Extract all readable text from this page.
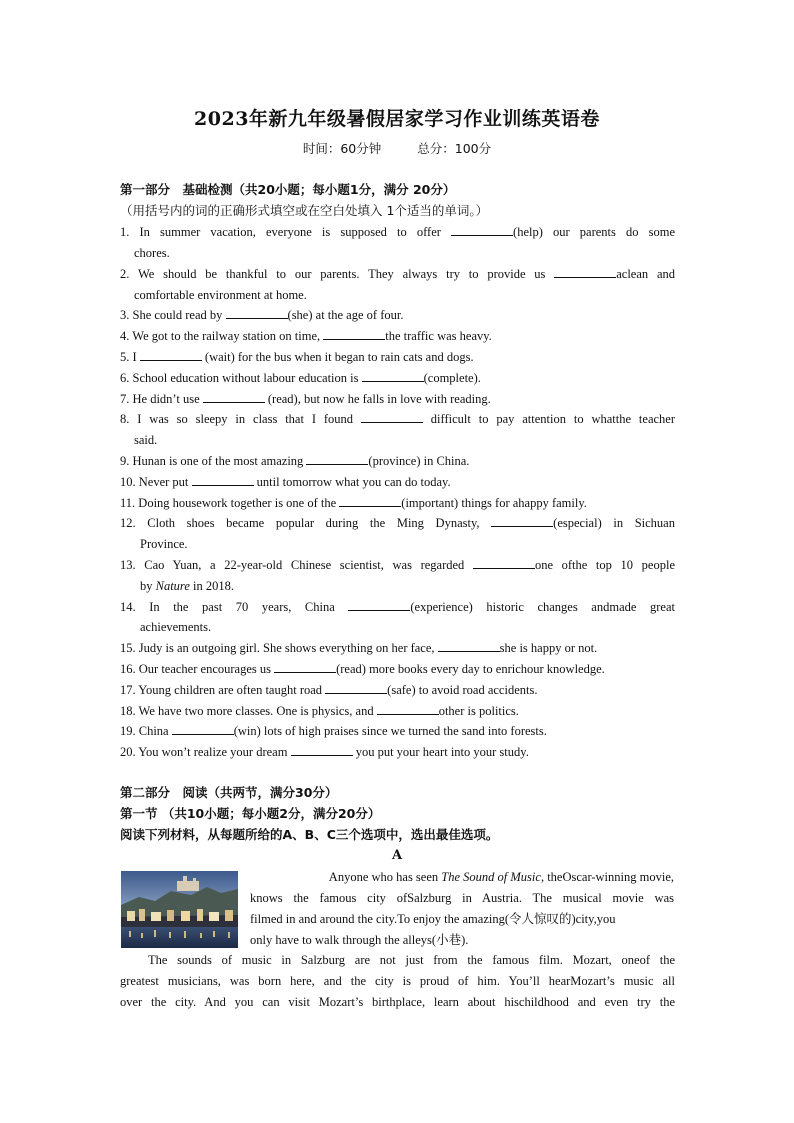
2023年新九年级暑假居家学习作业训练英语卷
时间：60分钟	总分：100分
第一部分　基础检测（共20小题；每小题1分，满分 20分）
（用括号内的词的正确形式填空或在空白处填入 1个适当的单词。）
1. In summer vacation, everyone is supposed to offer	(help) our parents do some
chores.
2. We should be thankful to our parents. They always try to provide us	aclean and
comfortable environment at home.
3. She could read by	(she) at the age of four.
4. We got to the railway station on time,	the traffic was heavy.
5. I	(wait) for the bus when it began to rain cats and dogs.
6. School education without labour education is	(complete).
7. He didn’t use	(read), but now he falls in love with reading.
8. I was so sleepy in class that I found	difficult to pay attention to whatthe teacher
said.
9. Hunan is one of the most amazing	(province) in China.
10. Never put	until tomorrow what you can do today.
11. Doing housework together is one of the	(important) things for ahappy family.
12. Cloth shoes became popular during the Ming Dynasty,	(especial) in Sichuan
Province.
13. Cao Yuan, a 22-year-old Chinese scientist, was regarded	one ofthe top 10 people
by Nature in 2018.
14. In the past 70 years, China	(experience) historic changes andmade great
achievements.
15. Judy is an outgoing girl. She shows everything on her face,	she is happy or not.
16. Our teacher encourages us	(read) more books every day to enrichour knowledge.
17. Young children are often taught road	(safe) to avoid road accidents.
18. We have two more classes. One is physics, and	other is politics.
19. China	(win) lots of high praises since we turned the sand into forests.
20. You won’t realize your dream	you put your heart into your study.
第二部分　阅读（共两节，满分30分）
第一节 （共10小题；每小题2分，满分20分）
阅读下列材料，从每题所给的A、B、C三个选项中，选出最佳选项。
A
Anyone who has seen The Sound of Music, theOscar-winning movie,
knows the famous city ofSalzburg in Austria. The musical movie was
filmed in and around the city.To enjoy the amazing(令人惊叹的)city,you
only have to walk through the alleys(小巷).
The sounds of music in Salzburg are not just from the famous film. Mozart, oneof the
greatest musicians, was born here, and the city is proud of him. You’ll hearMozart’s music all
over the city. And you can visit Mozart’s birthplace, learn about hischildhood and even try the
